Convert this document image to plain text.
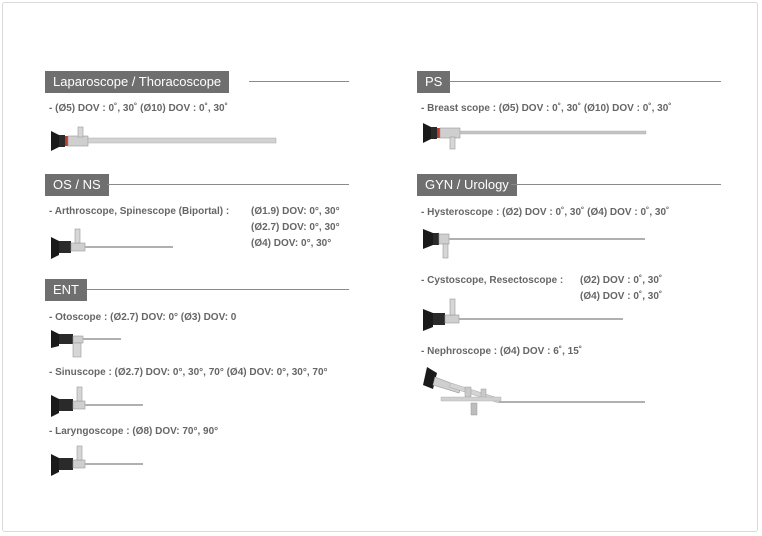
Laparoscope / Thoracoscope
- (Ø5) DOV : 0˚, 30˚ (Ø10) DOV : 0˚, 30˚
OS / NS
- Arthroscope, Spinescope (Biportal) : (Ø1.9) DOV: 0°, 30°
(Ø2.7) DOV: 0°, 30°
(Ø4) DOV: 0°, 30°
ENT
- Otoscope : (Ø2.7) DOV: 0° (Ø3) DOV: 0
- Sinuscope : (Ø2.7) DOV: 0°, 30°, 70° (Ø4) DOV: 0°, 30°, 70°
- Laryngoscope : (Ø8) DOV: 70°, 90°
PS
- Breast scope : (Ø5) DOV : 0˚, 30˚ (Ø10) DOV : 0˚, 30˚
GYN / Urology
- Hysteroscope : (Ø2) DOV : 0˚, 30˚ (Ø4) DOV : 0˚, 30˚
- Cystoscope, Resectoscope : (Ø2) DOV : 0˚, 30˚
(Ø4) DOV : 0˚, 30˚
- Nephroscope : (Ø4) DOV : 6˚, 15˚
